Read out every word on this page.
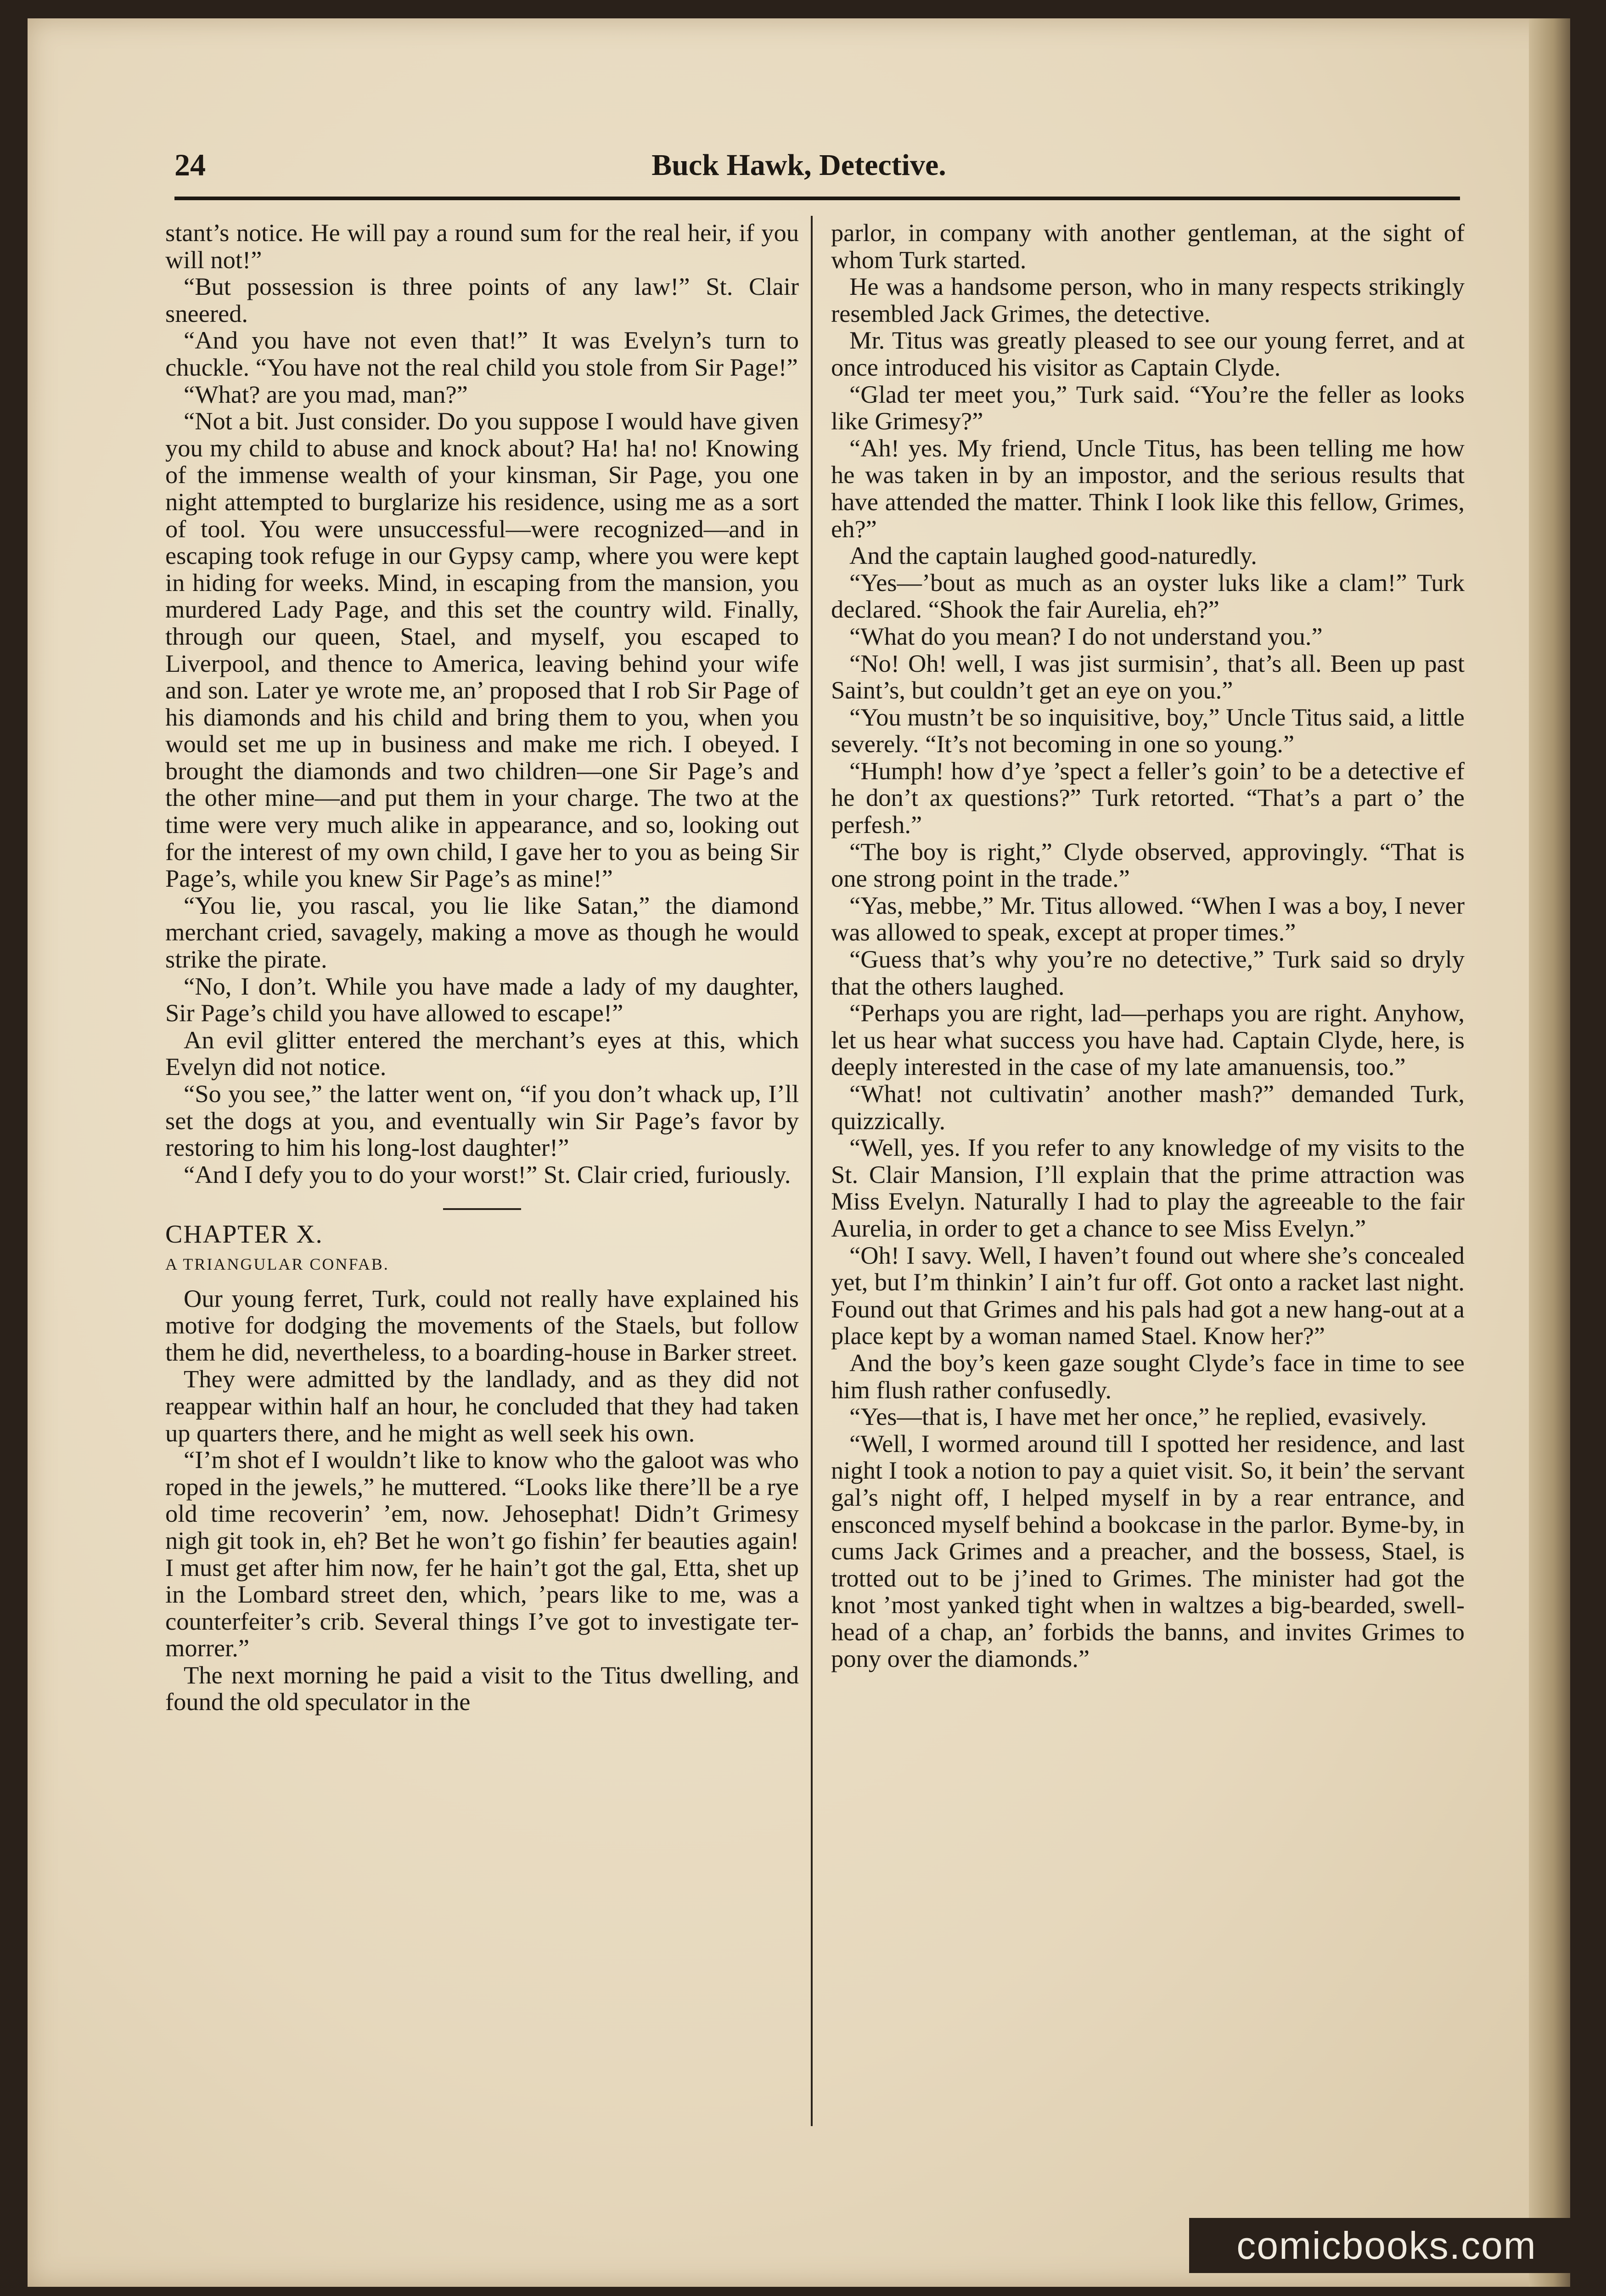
24	Buck Hawk, Detective.

stant’s notice. He will pay a round sum for the real heir, if you will not!”

“But possession is three points of any law!” St. Clair sneered.

“And you have not even that!” It was Evelyn’s turn to chuckle. “You have not the real child you stole from Sir Page!”

“What? are you mad, man?”

“Not a bit. Just consider. Do you suppose I would have given you my child to abuse and knock about? Ha! ha! no! Knowing of the immense wealth of your kinsman, Sir Page, you one night attempted to burglarize his residence, using me as a sort of tool. You were unsuccessful—were recognized—and in escaping took refuge in our Gypsy camp, where you were kept in hiding for weeks. Mind, in escaping from the mansion, you murdered Lady Page, and this set the country wild. Finally, through our queen, Stael, and myself, you escaped to Liverpool, and thence to America, leaving behind your wife and son. Later ye wrote me, an’ proposed that I rob Sir Page of his diamonds and his child and bring them to you, when you would set me up in business and make me rich. I obeyed. I brought the diamonds and two children—one Sir Page’s and the other mine—and put them in your charge. The two at the time were very much alike in appearance, and so, looking out for the interest of my own child, I gave her to you as being Sir Page’s, while you knew Sir Page’s as mine!”

“You lie, you rascal, you lie like Satan,” the diamond merchant cried, savagely, making a move as though he would strike the pirate.

“No, I don’t. While you have made a lady of my daughter, Sir Page’s child you have allowed to escape!”

An evil glitter entered the merchant’s eyes at this, which Evelyn did not notice.

“So you see,” the latter went on, “if you don’t whack up, I’ll set the dogs at you, and eventually win Sir Page’s favor by restoring to him his long-lost daughter!”

“And I defy you to do your worst!” St. Clair cried, furiously.

CHAPTER X.
A TRIANGULAR CONFAB.

Our young ferret, Turk, could not really have explained his motive for dodging the movements of the Staels, but follow them he did, nevertheless, to a boarding-house in Barker street.

They were admitted by the landlady, and as they did not reappear within half an hour, he concluded that they had taken up quarters there, and he might as well seek his own.

“I’m shot ef I wouldn’t like to know who the galoot was who roped in the jewels,” he muttered. “Looks like there’ll be a rye old time recoverin’ ’em, now. Jehosephat! Didn’t Grimesy nigh git took in, eh? Bet he won’t go fishin’ fer beauties again! I must get after him now, fer he hain’t got the gal, Etta, shet up in the Lombard street den, which, ’pears like to me, was a counterfeiter’s crib. Several things I’ve got to investigate ter-morrer.”

The next morning he paid a visit to the Titus dwelling, and found the old speculator in the

parlor, in company with another gentleman, at the sight of whom Turk started.

He was a handsome person, who in many respects strikingly resembled Jack Grimes, the detective.

Mr. Titus was greatly pleased to see our young ferret, and at once introduced his visitor as Captain Clyde.

“Glad ter meet you,” Turk said. “You’re the feller as looks like Grimesy?”

“Ah! yes. My friend, Uncle Titus, has been telling me how he was taken in by an impostor, and the serious results that have attended the matter. Think I look like this fellow, Grimes, eh?”

And the captain laughed good-naturedly.

“Yes—’bout as much as an oyster luks like a clam!” Turk declared. “Shook the fair Aurelia, eh?”

“What do you mean? I do not understand you.”

“No! Oh! well, I was jist surmisin’, that’s all. Been up past Saint’s, but couldn’t get an eye on you.”

“You mustn’t be so inquisitive, boy,” Uncle Titus said, a little severely. “It’s not becoming in one so young.”

“Humph! how d’ye ’spect a feller’s goin’ to be a detective ef he don’t ax questions?” Turk retorted. “That’s a part o’ the perfesh.”

“The boy is right,” Clyde observed, approvingly. “That is one strong point in the trade.”

“Yas, mebbe,” Mr. Titus allowed. “When I was a boy, I never was allowed to speak, except at proper times.”

“Guess that’s why you’re no detective,” Turk said so dryly that the others laughed.

“Perhaps you are right, lad—perhaps you are right. Anyhow, let us hear what success you have had. Captain Clyde, here, is deeply interested in the case of my late amanuensis, too.”

“What! not cultivatin’ another mash?” demanded Turk, quizzically.

“Well, yes. If you refer to any knowledge of my visits to the St. Clair Mansion, I’ll explain that the prime attraction was Miss Evelyn. Naturally I had to play the agreeable to the fair Aurelia, in order to get a chance to see Miss Evelyn.”

“Oh! I savy. Well, I haven’t found out where she’s concealed yet, but I’m thinkin’ I ain’t fur off. Got onto a racket last night. Found out that Grimes and his pals had got a new hang-out at a place kept by a woman named Stael. Know her?”

And the boy’s keen gaze sought Clyde’s face in time to see him flush rather confusedly.

“Yes—that is, I have met her once,” he replied, evasively.

“Well, I wormed around till I spotted her residence, and last night I took a notion to pay a quiet visit. So, it bein’ the servant gal’s night off, I helped myself in by a rear entrance, and ensconced myself behind a bookcase in the parlor. Byme-by, in cums Jack Grimes and a preacher, and the bossess, Stael, is trotted out to be j’ined to Grimes. The minister had got the knot ’most yanked tight when in waltzes a big-bearded, swell-head of a chap, an’ forbids the banns, and invites Grimes to pony over the diamonds.”

comicbooks.com
